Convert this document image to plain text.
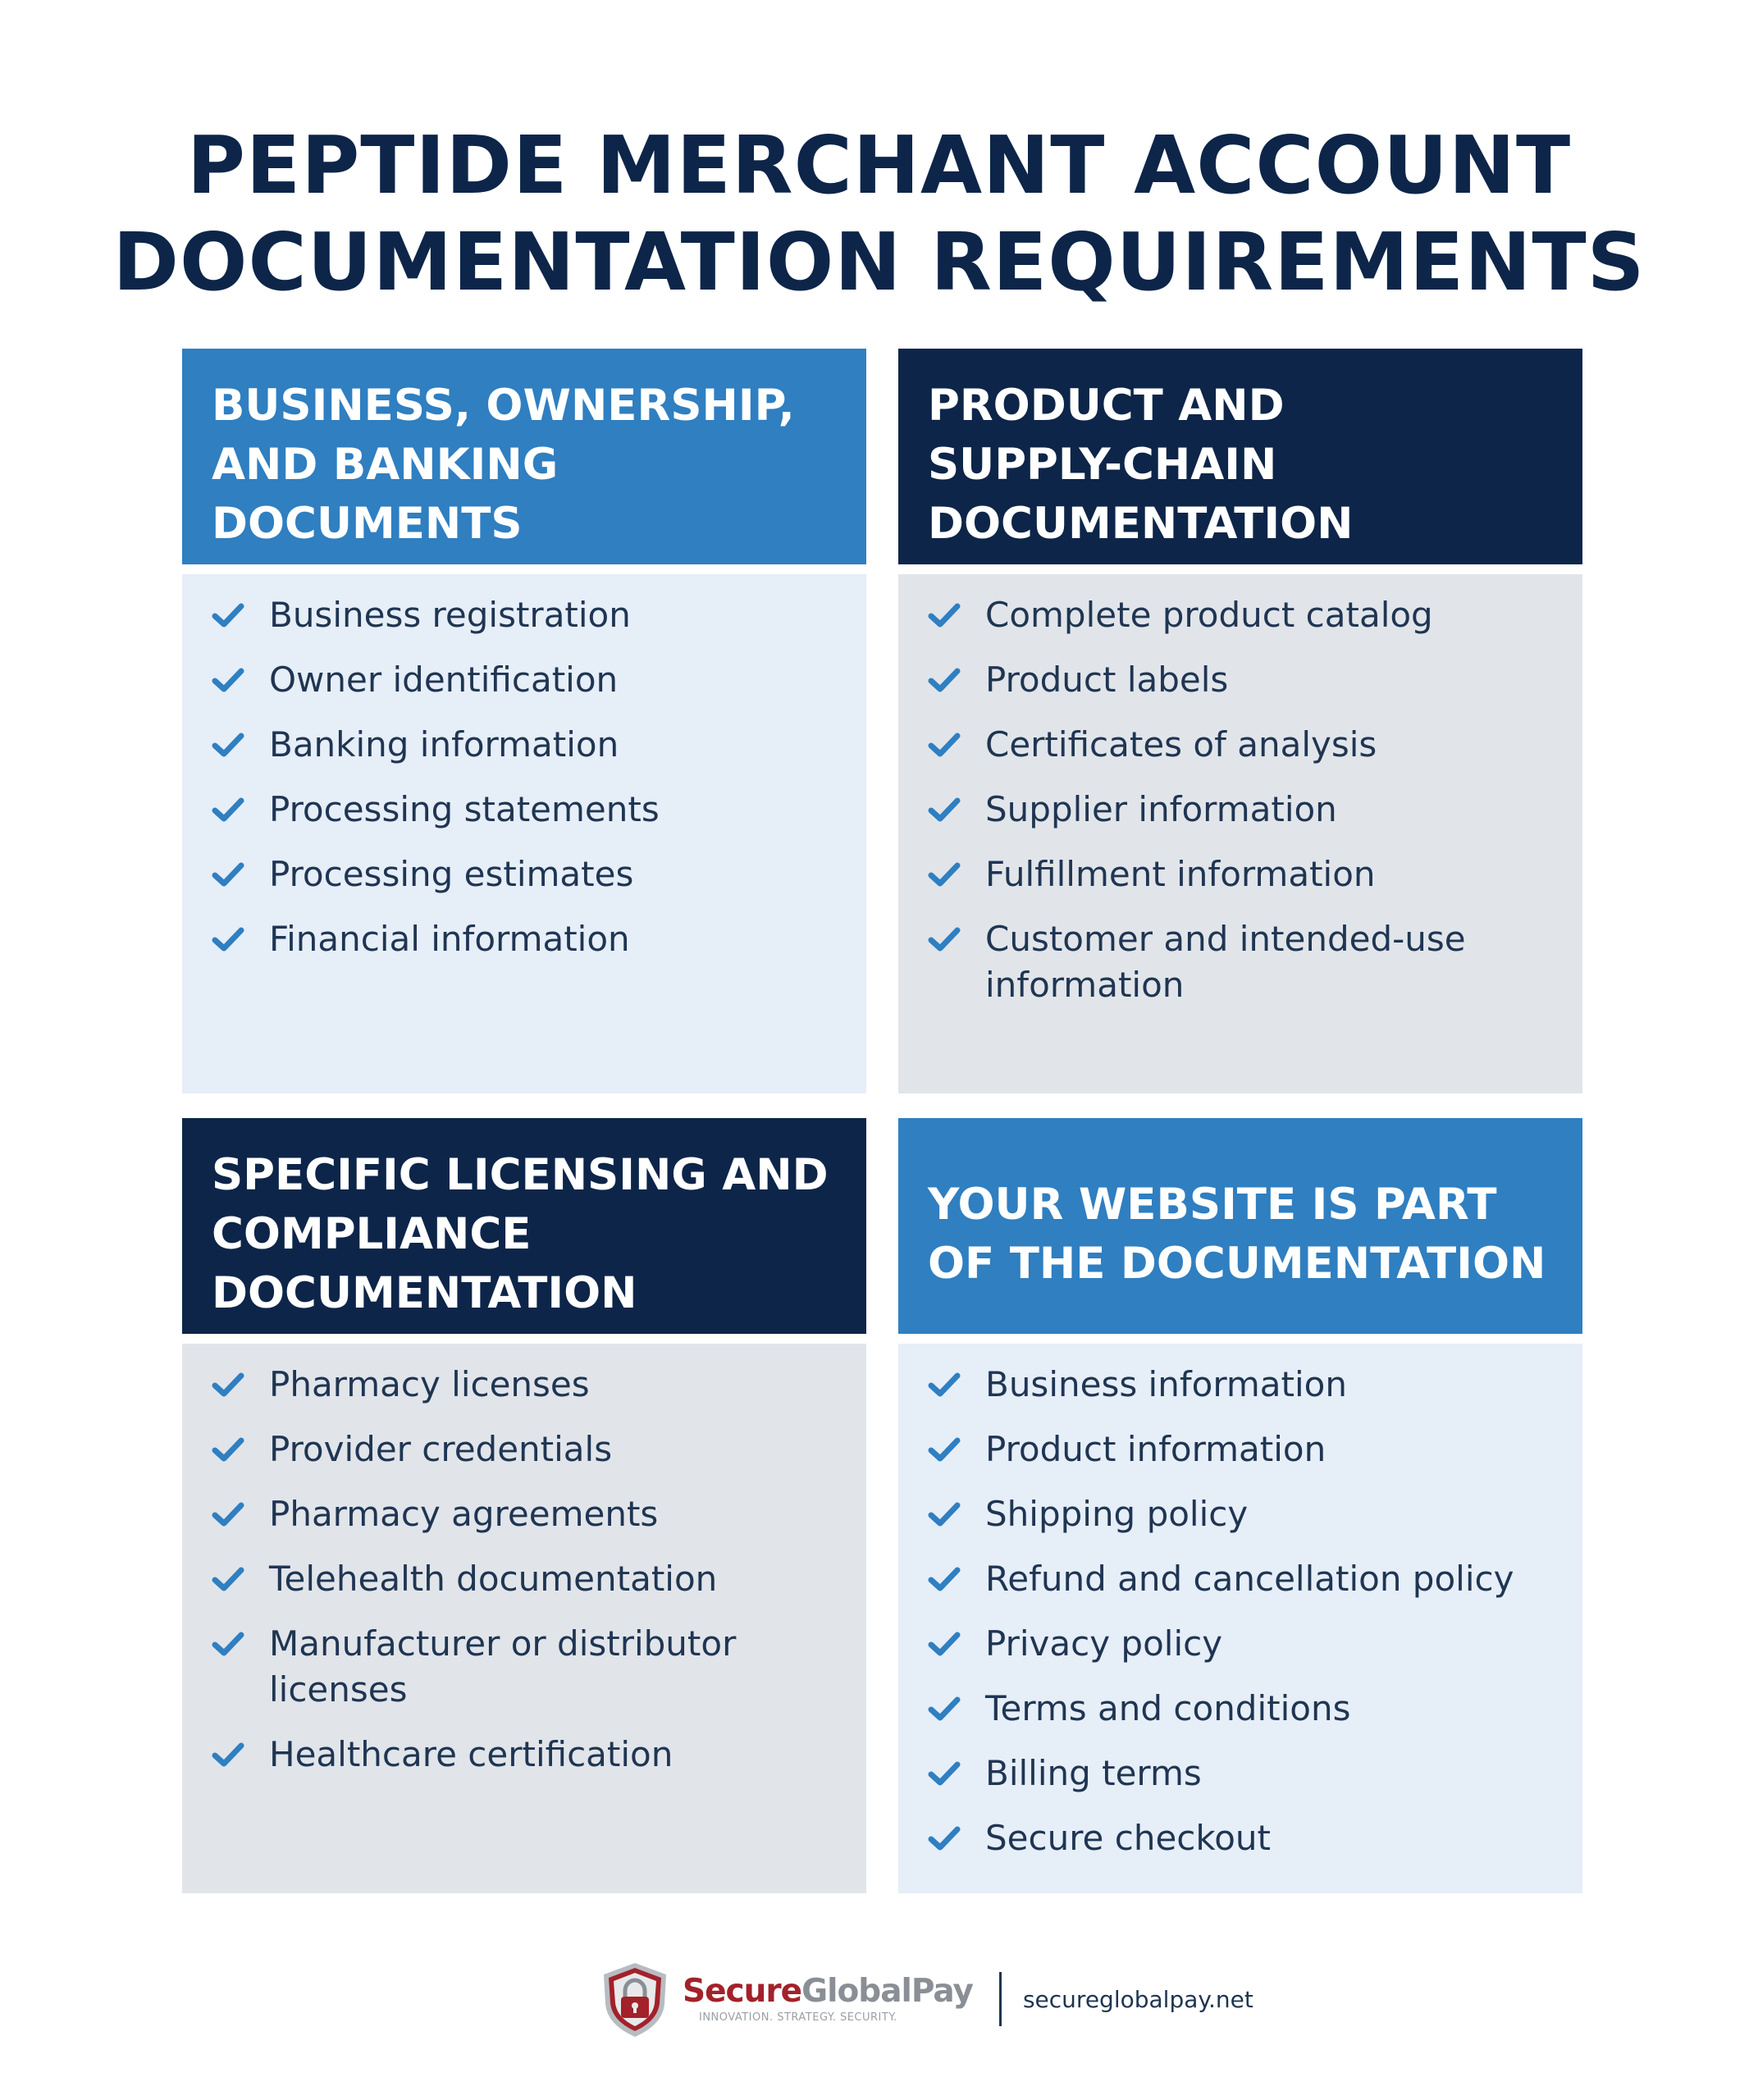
PEPTIDE MERCHANT ACCOUNT
DOCUMENTATION REQUIREMENTS
BUSINESS, OWNERSHIP,
AND BANKING
DOCUMENTS
Business registration
Owner identification
Banking information
Processing statements
Processing estimates
Financial information
PRODUCT AND
SUPPLY-CHAIN
DOCUMENTATION
Complete product catalog
Product labels
Certificates of analysis
Supplier information
Fulfillment information
Customer and intended-use
information
SPECIFIC LICENSING AND
COMPLIANCE
DOCUMENTATION
Pharmacy licenses
Provider credentials
Pharmacy agreements
Telehealth documentation
Manufacturer or distributor
licenses
Healthcare certification
YOUR WEBSITE IS PART
OF THE DOCUMENTATION
Business information
Product information
Shipping policy
Refund and cancellation policy
Privacy policy
Terms and conditions
Billing terms
Secure checkout
SecureGlobalPay
INNOVATION. STRATEGY. SECURITY.
secureglobalpay.net
